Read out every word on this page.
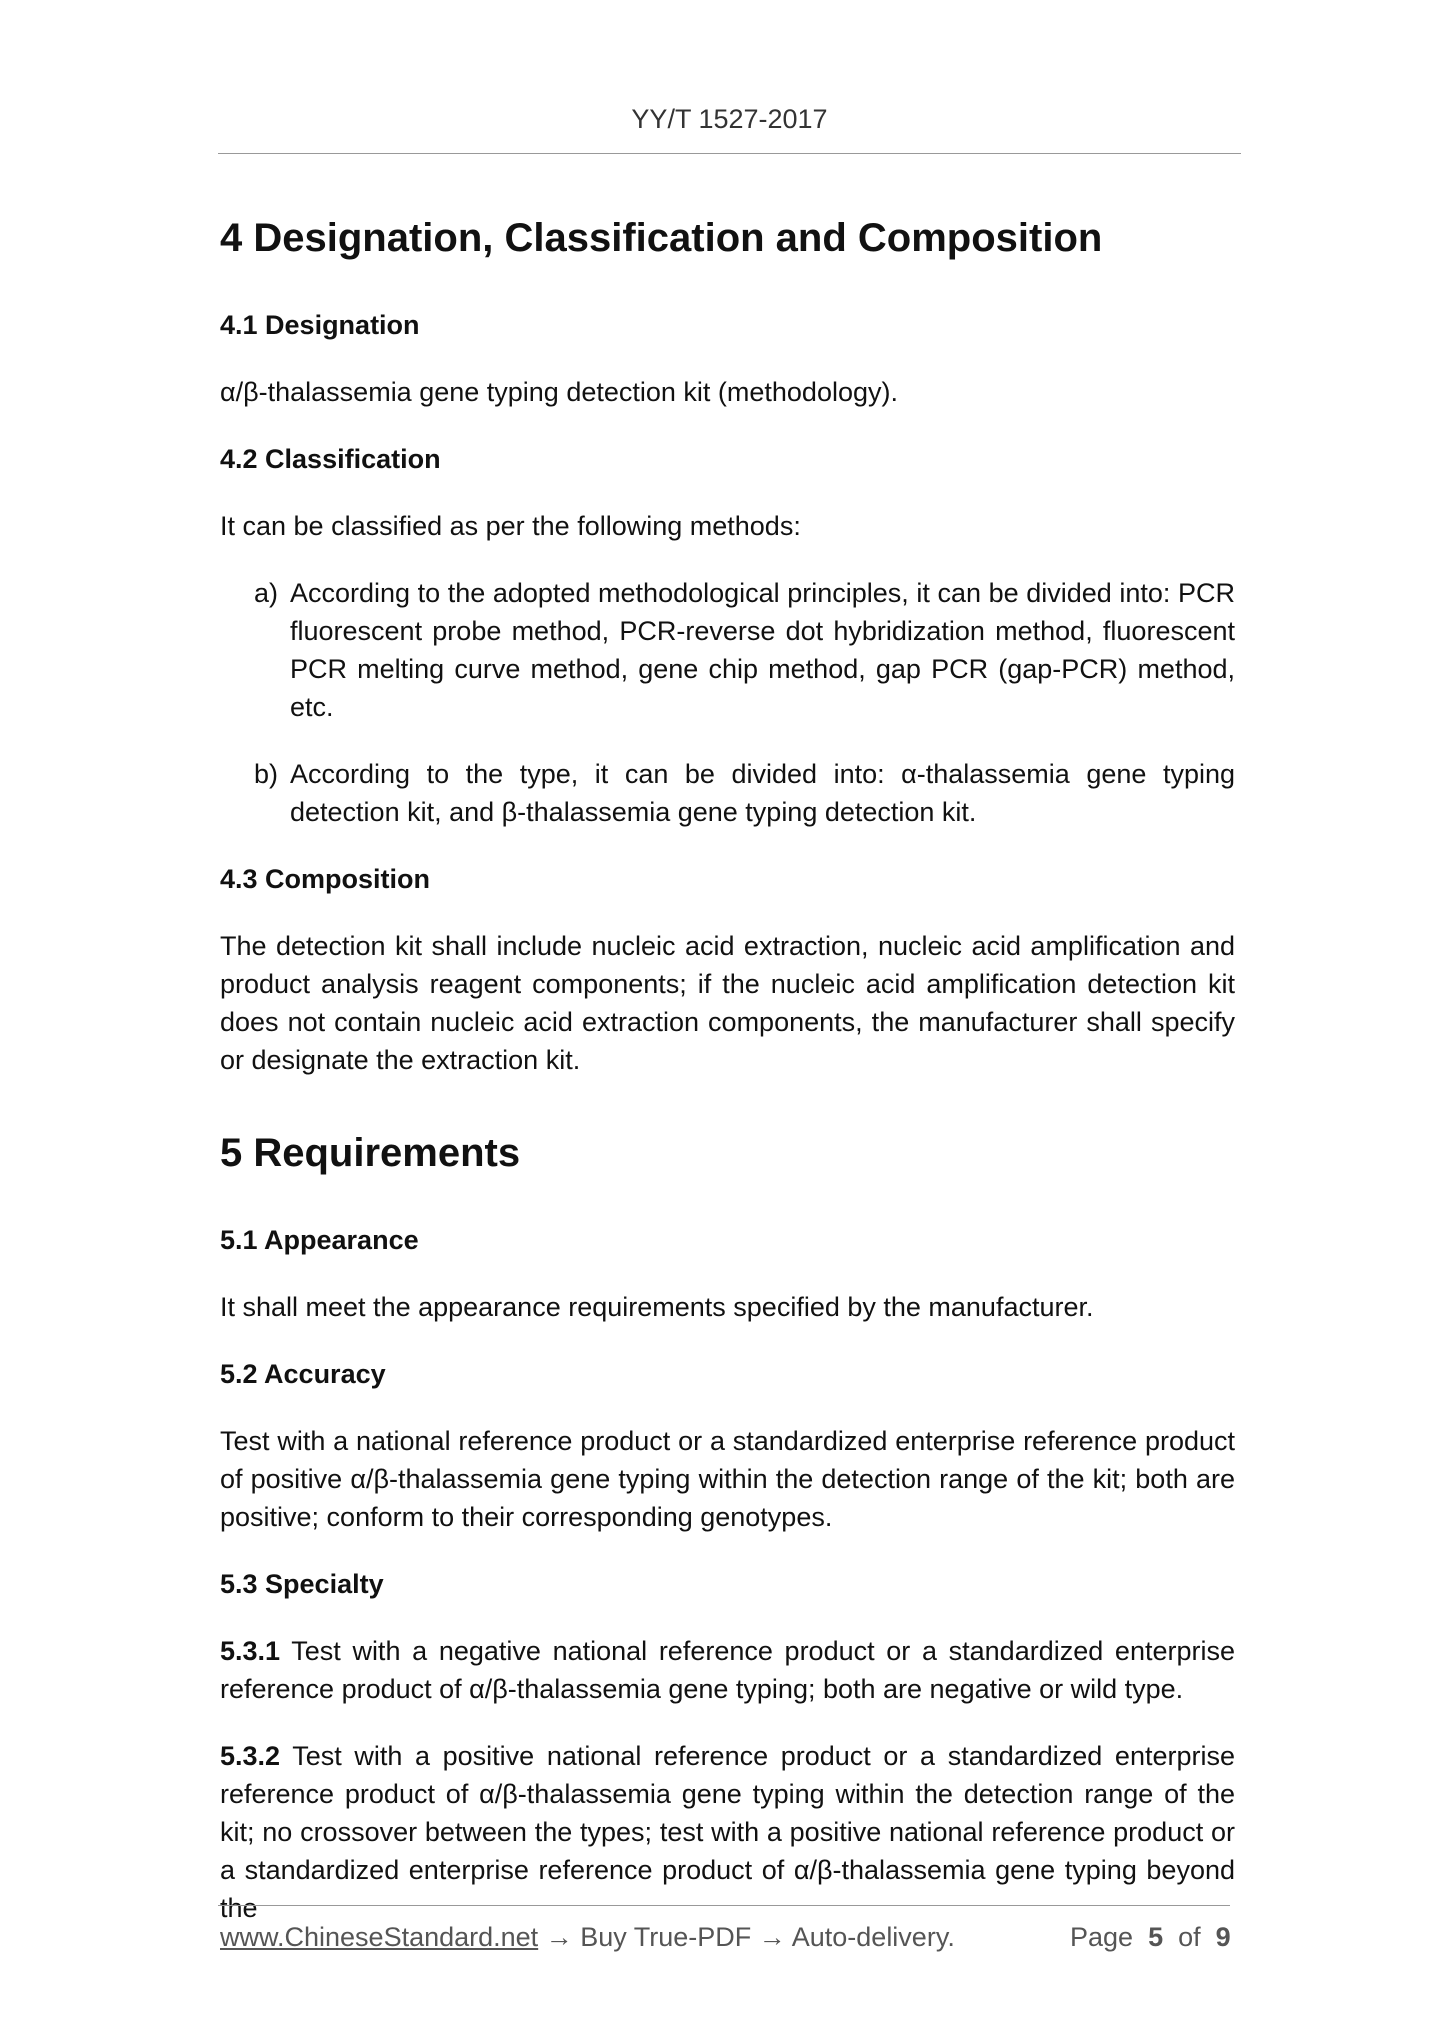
YY/T 1527-2017
4 Designation, Classification and Composition
4.1 Designation

α/β-thalassemia gene typing detection kit (methodology).

4.2 Classification

It can be classified as per the following methods:

a) According to the adopted methodological principles, it can be divided into: PCR fluorescent probe method, PCR-reverse dot hybridization method, fluorescent PCR melting curve method, gene chip method, gap PCR (gap-PCR) method, etc.
b) According to the type, it can be divided into: α-thalassemia gene typing detection kit, and β-thalassemia gene typing detection kit.
4.3 Composition

The detection kit shall include nucleic acid extraction, nucleic acid amplification and product analysis reagent components; if the nucleic acid amplification detection kit does not contain nucleic acid extraction components, the manufacturer shall specify or designate the extraction kit.

5 Requirements
5.1 Appearance

It shall meet the appearance requirements specified by the manufacturer.

5.2 Accuracy

Test with a national reference product or a standardized enterprise reference product of positive α/β-thalassemia gene typing within the detection range of the kit; both are positive; conform to their corresponding genotypes.

5.3 Specialty

5.3.1 Test with a negative national reference product or a standardized enterprise reference product of α/β-thalassemia gene typing; both are negative or wild type.

5.3.2 Test with a positive national reference product or a standardized enterprise reference product of α/β-thalassemia gene typing within the detection range of the kit; no crossover between the types; test with a positive national reference product or a standardized enterprise reference product of α/β-thalassemia gene typing beyond the

www.ChineseStandard.net → Buy True-PDF → Auto-delivery.	Page 5 of 9
